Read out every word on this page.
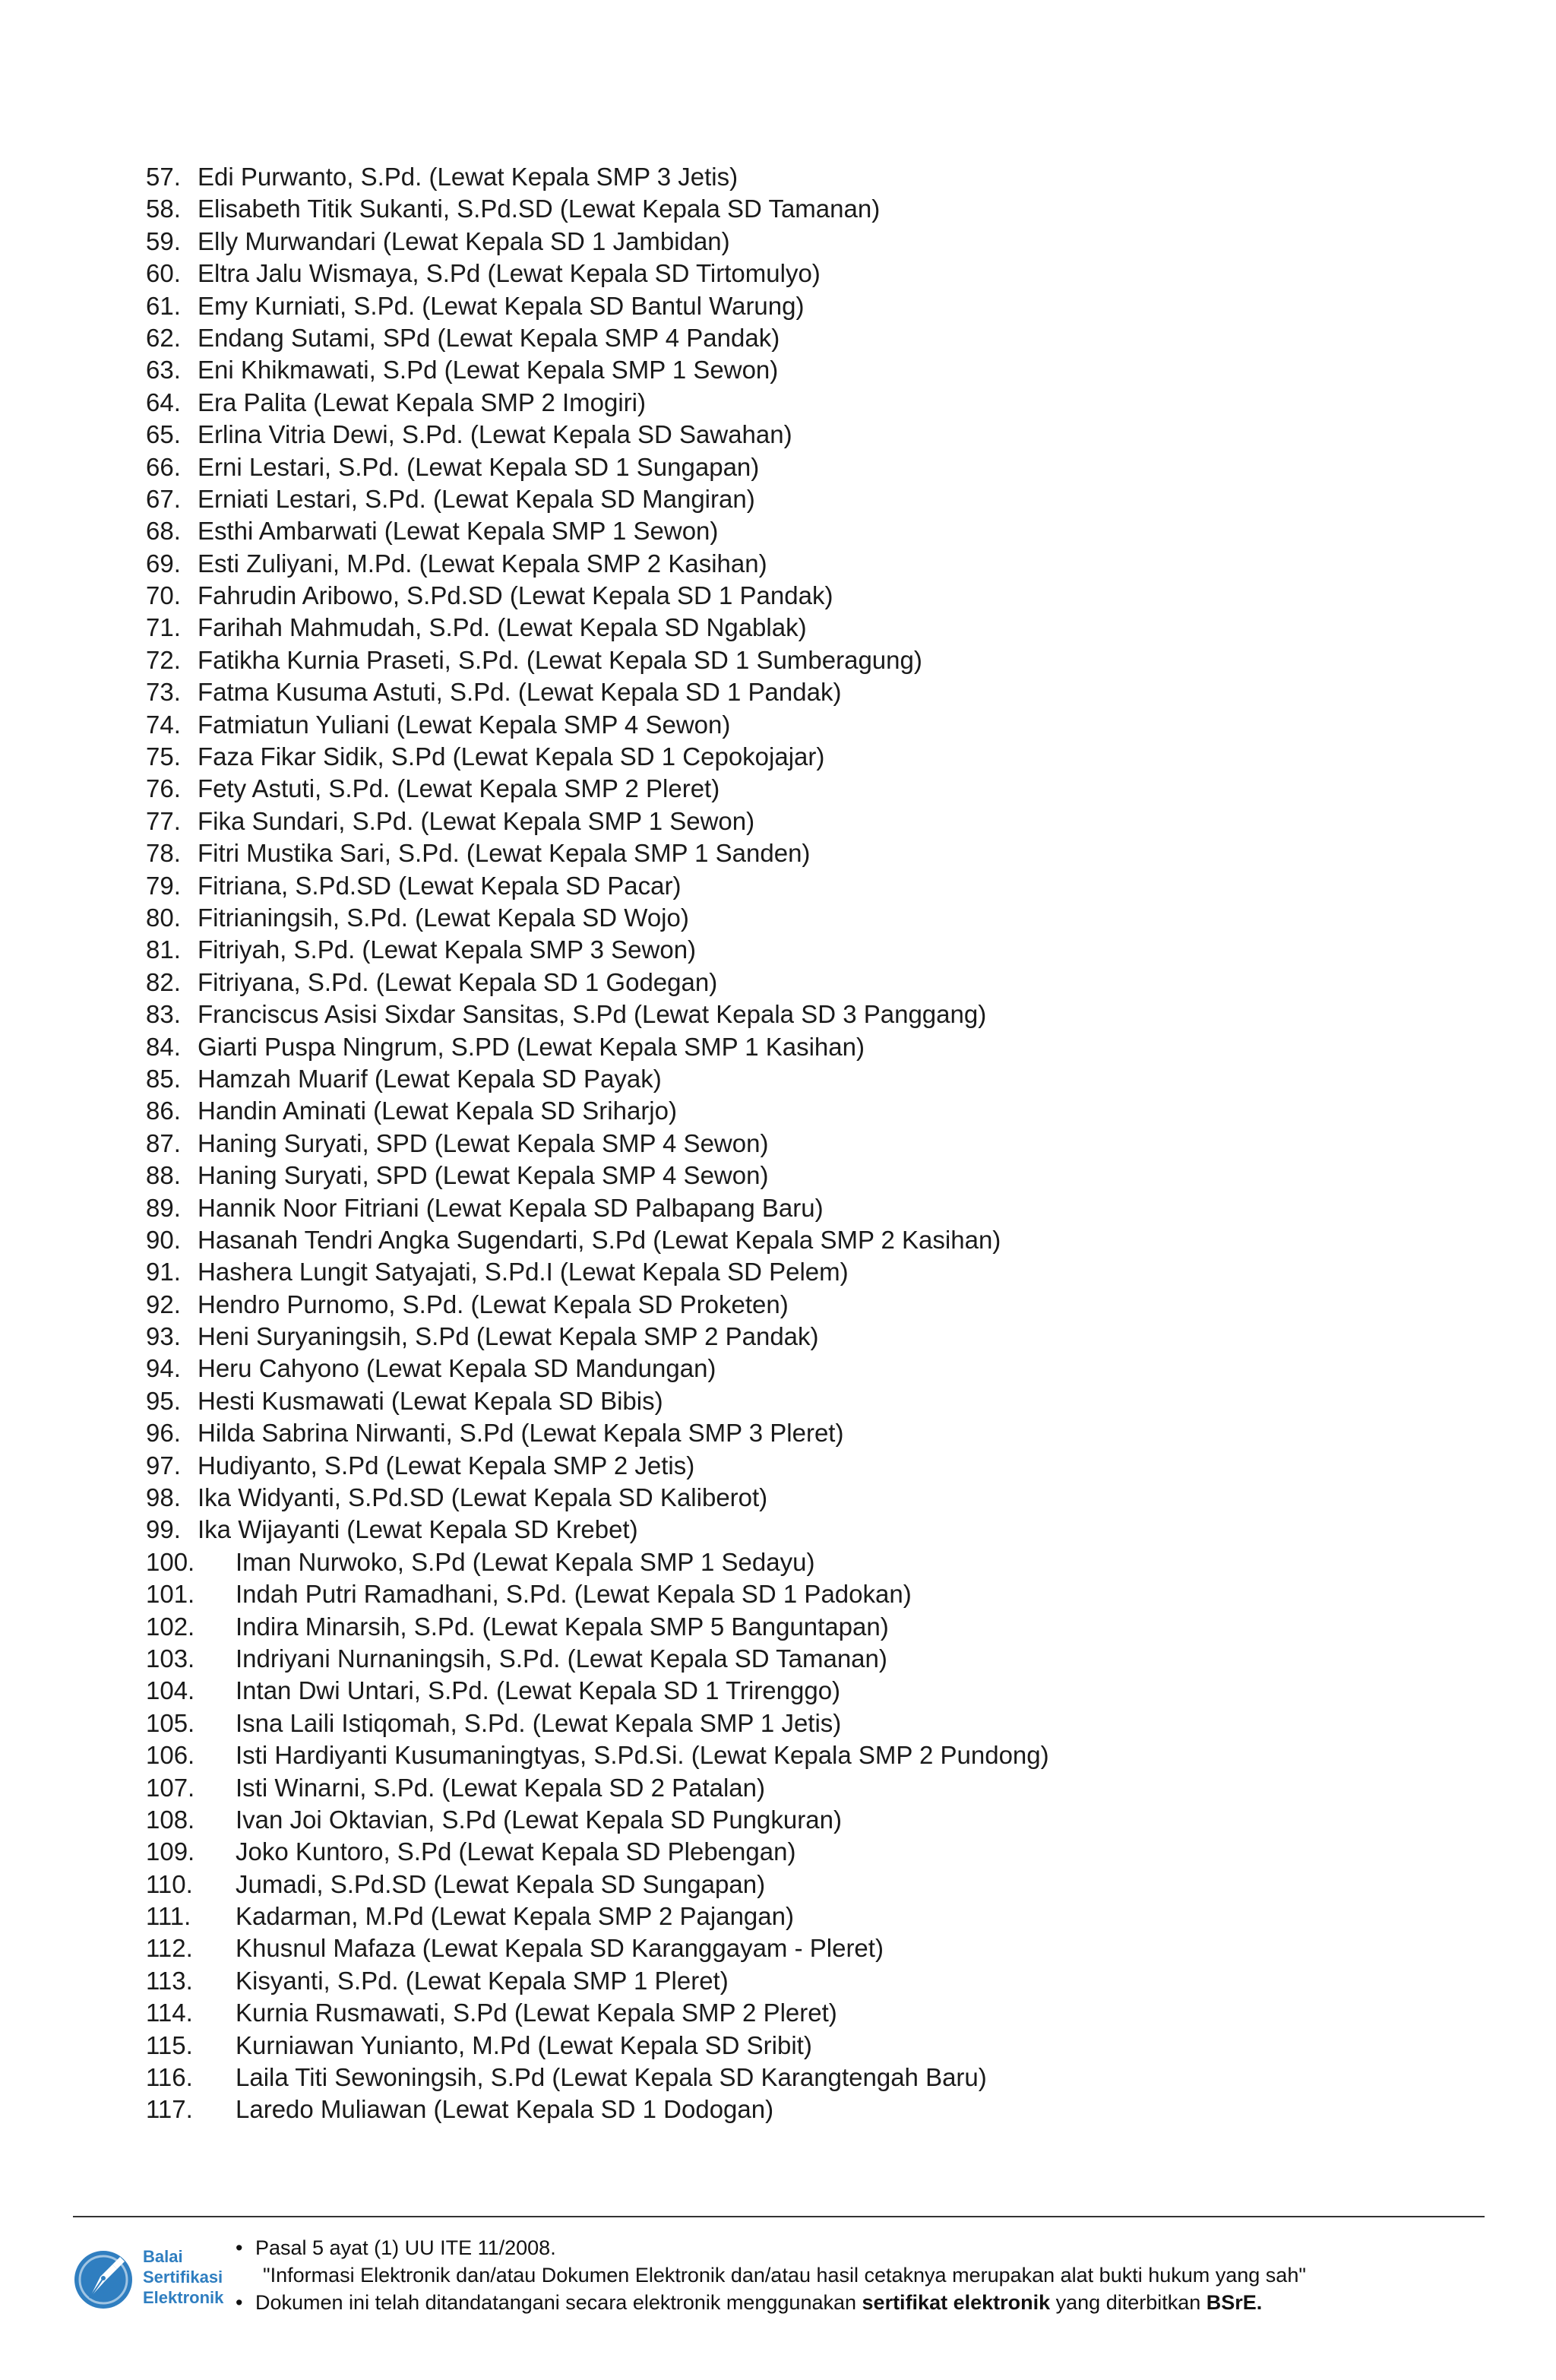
57. Edi Purwanto, S.Pd. (Lewat Kepala SMP 3 Jetis)
58. Elisabeth Titik Sukanti, S.Pd.SD (Lewat Kepala SD Tamanan)
59. Elly Murwandari (Lewat Kepala SD 1 Jambidan)
60. Eltra Jalu Wismaya, S.Pd (Lewat Kepala SD Tirtomulyo)
61. Emy Kurniati, S.Pd. (Lewat Kepala SD Bantul Warung)
62. Endang Sutami, SPd (Lewat Kepala SMP 4 Pandak)
63. Eni Khikmawati, S.Pd (Lewat Kepala SMP 1 Sewon)
64. Era Palita (Lewat Kepala SMP 2 Imogiri)
65. Erlina Vitria Dewi, S.Pd. (Lewat Kepala SD Sawahan)
66. Erni Lestari, S.Pd. (Lewat Kepala SD 1 Sungapan)
67. Erniati Lestari, S.Pd. (Lewat Kepala SD Mangiran)
68. Esthi Ambarwati (Lewat Kepala SMP 1 Sewon)
69. Esti Zuliyani, M.Pd. (Lewat Kepala SMP 2 Kasihan)
70. Fahrudin Aribowo, S.Pd.SD (Lewat Kepala SD 1 Pandak)
71. Farihah Mahmudah, S.Pd. (Lewat Kepala SD Ngablak)
72. Fatikha Kurnia Praseti, S.Pd. (Lewat Kepala SD 1 Sumberagung)
73. Fatma Kusuma Astuti, S.Pd. (Lewat Kepala SD 1 Pandak)
74. Fatmiatun Yuliani (Lewat Kepala SMP 4 Sewon)
75. Faza Fikar Sidik, S.Pd (Lewat Kepala SD 1 Cepokojajar)
76. Fety Astuti, S.Pd. (Lewat Kepala SMP 2 Pleret)
77. Fika Sundari, S.Pd. (Lewat Kepala SMP 1 Sewon)
78. Fitri Mustika Sari, S.Pd. (Lewat Kepala SMP 1 Sanden)
79. Fitriana, S.Pd.SD (Lewat Kepala SD Pacar)
80. Fitrianingsih, S.Pd. (Lewat Kepala SD Wojo)
81. Fitriyah, S.Pd. (Lewat Kepala SMP 3 Sewon)
82. Fitriyana, S.Pd. (Lewat Kepala SD 1 Godegan)
83. Franciscus Asisi Sixdar Sansitas, S.Pd (Lewat Kepala SD 3 Panggang)
84. Giarti Puspa Ningrum, S.PD (Lewat Kepala SMP 1 Kasihan)
85. Hamzah Muarif (Lewat Kepala SD Payak)
86. Handin Aminati (Lewat Kepala SD Sriharjo)
87. Haning Suryati, SPD (Lewat Kepala SMP 4 Sewon)
88. Haning Suryati, SPD (Lewat Kepala SMP 4 Sewon)
89. Hannik Noor Fitriani (Lewat Kepala SD Palbapang Baru)
90. Hasanah Tendri Angka Sugendarti, S.Pd (Lewat Kepala SMP 2 Kasihan)
91. Hashera Lungit Satyajati, S.Pd.I (Lewat Kepala SD Pelem)
92. Hendro Purnomo, S.Pd. (Lewat Kepala SD Proketen)
93. Heni Suryaningsih, S.Pd (Lewat Kepala SMP 2 Pandak)
94. Heru Cahyono (Lewat Kepala SD Mandungan)
95. Hesti Kusmawati (Lewat Kepala SD Bibis)
96. Hilda Sabrina Nirwanti, S.Pd (Lewat Kepala SMP 3 Pleret)
97. Hudiyanto, S.Pd (Lewat Kepala SMP 2 Jetis)
98. Ika Widyanti, S.Pd.SD (Lewat Kepala SD Kaliberot)
99. Ika Wijayanti (Lewat Kepala SD Krebet)
100.	Iman Nurwoko, S.Pd (Lewat Kepala SMP 1 Sedayu)
101.	Indah Putri Ramadhani, S.Pd. (Lewat Kepala SD 1 Padokan)
102.	Indira Minarsih, S.Pd. (Lewat Kepala SMP 5 Banguntapan)
103.	Indriyani Nurnaningsih, S.Pd. (Lewat Kepala SD Tamanan)
104.	Intan Dwi Untari, S.Pd. (Lewat Kepala SD 1 Trirenggo)
105.	Isna Laili Istiqomah, S.Pd. (Lewat Kepala SMP 1 Jetis)
106.	Isti Hardiyanti Kusumaningtyas, S.Pd.Si. (Lewat Kepala SMP 2 Pundong)
107.	Isti Winarni, S.Pd. (Lewat Kepala SD 2 Patalan)
108.	Ivan Joi Oktavian, S.Pd (Lewat Kepala SD Pungkuran)
109.	Joko Kuntoro, S.Pd (Lewat Kepala SD Plebengan)
110.	Jumadi, S.Pd.SD (Lewat Kepala SD Sungapan)
111.	Kadarman, M.Pd (Lewat Kepala SMP 2 Pajangan)
112.	Khusnul Mafaza (Lewat Kepala SD Karanggayam - Pleret)
113.	Kisyanti, S.Pd. (Lewat Kepala SMP 1 Pleret)
114.	Kurnia Rusmawati, S.Pd (Lewat Kepala SMP 2 Pleret)
115.	Kurniawan Yunianto, M.Pd (Lewat Kepala SD Sribit)
116.	Laila Titi Sewoningsih, S.Pd (Lewat Kepala SD Karangtengah Baru)
117.	Laredo Muliawan (Lewat Kepala SD 1 Dodogan)
Balai
Sertifikasi
Elektronik
• Pasal 5 ayat (1) UU ITE 11/2008.
"Informasi Elektronik dan/atau Dokumen Elektronik dan/atau hasil cetaknya merupakan alat bukti hukum yang sah"
• Dokumen ini telah ditandatangani secara elektronik menggunakan sertifikat elektronik yang diterbitkan BSrE.
